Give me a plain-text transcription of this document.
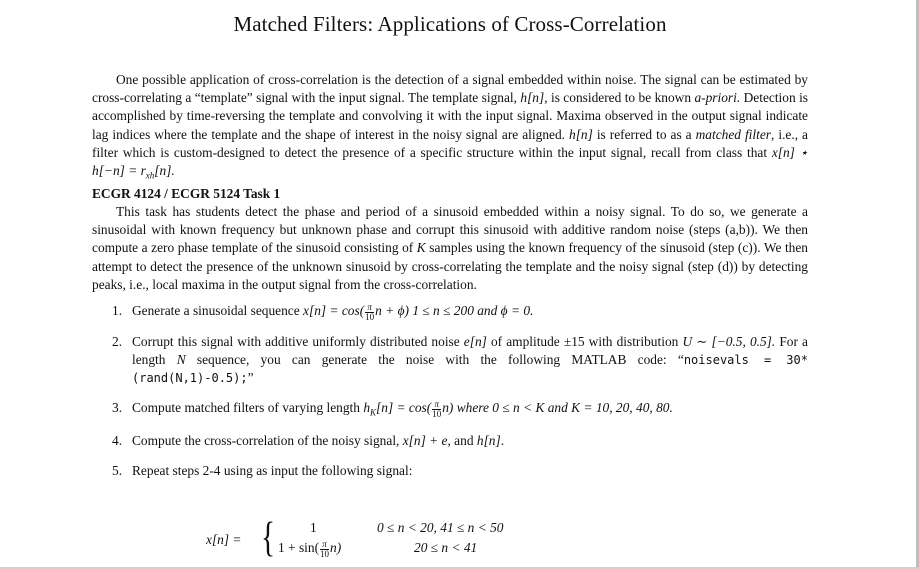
Matched Filters: Applications of Cross-Correlation

One possible application of cross-correlation is the detection of a signal embedded within noise. The signal can be estimated by cross-correlating a “template” signal with the input signal. The template signal, h[n], is considered to be known a-priori. Detection is accomplished by time-reversing the template and convolving it with the input signal. Maxima observed in the output signal indicate lag indices where the template and the shape of interest in the noisy signal are aligned. h[n] is referred to as a matched filter, i.e., a filter which is custom-designed to detect the presence of a specific structure within the input signal, recall from class that x[n] ⋆ $h[-n] = r_{xh}[n]$.

ECGR 4124 / ECGR 5124 Task 1

This task has students detect the phase and period of a sinusoid embedded within a noisy signal. To do so, we generate a sinusoidal with known frequency but unknown phase and corrupt this sinusoid with additive random noise (steps (a,b)). We then compute a zero phase template of the sinusoid consisting of K samples using the known frequency of the sinusoid (step (c)). We then attempt to detect the presence of the unknown sinusoid by cross-correlating the template and the noisy signal (step (d)) by detecting peaks, i.e., local maxima in the output signal from the cross-correlation.

1. Generate a sinusoidal sequence $x[n] = \cos( \frac{\pi}{10}$ n + ϕ) 1 ≤ n ≤ 200 and ϕ = 0.
2. Corrupt this signal with additive uniformly distributed noise e[n] of amplitude ±15 with distribution U ∼ [−0.5, 0.5]. For a length N sequence, you can generate the noise with the following MATLAB code: “noisevals = 30*(rand(N,1)-0.5);”
3. Compute matched filters of varying length $h_K[n] = \cos( \frac{\pi}{10} n)$ where 0 ≤ n < K and K = 10, 20, 40, 80.
4. Compute the cross-correlation of the noisy signal, x[n] + e, and h[n].
5. Repeat steps 2-4 using as input the following signal:
x[n] = {	1
$1 + \sin( \frac{\pi}{10} n)$
0 ≤ n < 20, 41 ≤ n < 50
20 ≤ n < 41
